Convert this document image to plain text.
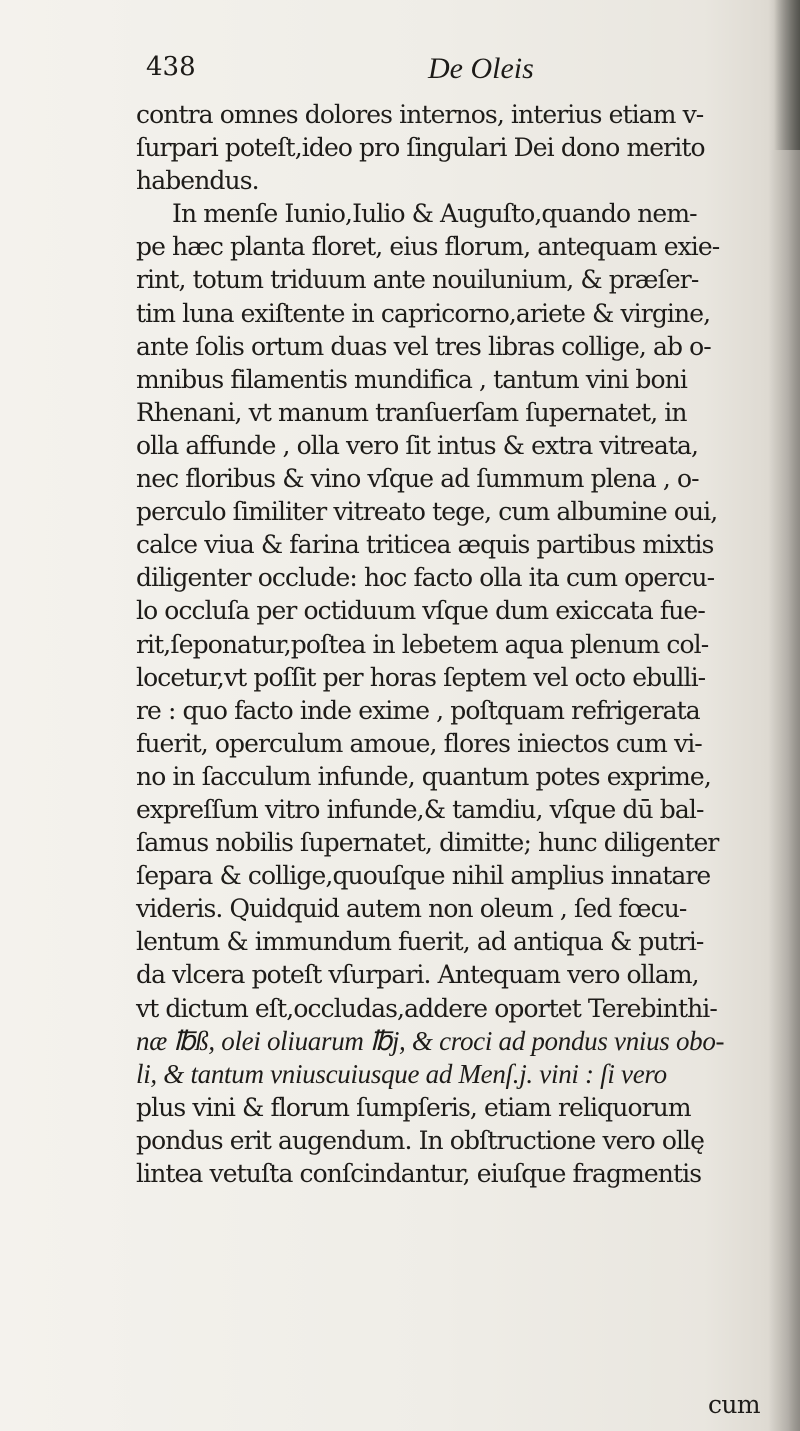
438	De Oleis
contra omnes dolores internos, interius etiam v-
ſurpari poteſt,ideo pro ſingulari Dei dono merito
habendus.
In menſe Iunio,Iulio & Auguſto,quando nem-
pe hæc planta floret, eius florum, antequam exie-
rint, totum triduum ante nouilunium, & præſer-
tim luna exiſtente in capricorno,ariete & virgine,
ante ſolis ortum duas vel tres libras collige, ab o-
mnibus filamentis mundifica , tantum vini boni
Rhenani, vt manum tranſuerſam ſupernatet, in
olla affunde , olla vero ſit intus & extra vitreata,
nec floribus & vino vſque ad ſummum plena , o-
perculo ſimiliter vitreato tege, cum albumine oui,
calce viua & farina triticea æquis partibus mixtis
diligenter occlude: hoc facto olla ita cum opercu-
lo occluſa per octiduum vſque dum exiccata fue-
rit,ſeponatur,poſtea in lebetem aqua plenum col-
locetur,vt poſſit per horas ſeptem vel octo ebulli-
re : quo facto inde exime , poſtquam refrigerata
fuerit, operculum amoue, flores iniectos cum vi-
no in ſacculum infunde, quantum potes exprime,
expreſſum vitro infunde,& tamdiu, vſque dū bal-
ſamus nobilis ſupernatet, dimitte; hunc diligenter
ſepara & collige,quouſque nihil amplius innatare
videris. Quidquid autem non oleum , ſed fœcu-
lentum & immundum fuerit, ad antiqua & putri-
da vlcera poteſt vſurpari. Antequam vero ollam,
vt dictum eſt,occludas,addere oportet Terebinthi-
næ ℔ß, olei oliuarum ℔j, & croci ad pondus vnius obo-
li, & tantum vniuscuiusque ad Menſ.j. vini : ſi vero
plus vini & florum ſumpſeris, etiam reliquorum
pondus erit augendum. In obſtructione vero ollę
lintea vetuſta conſcindantur, eiuſque fragmentis
cum
